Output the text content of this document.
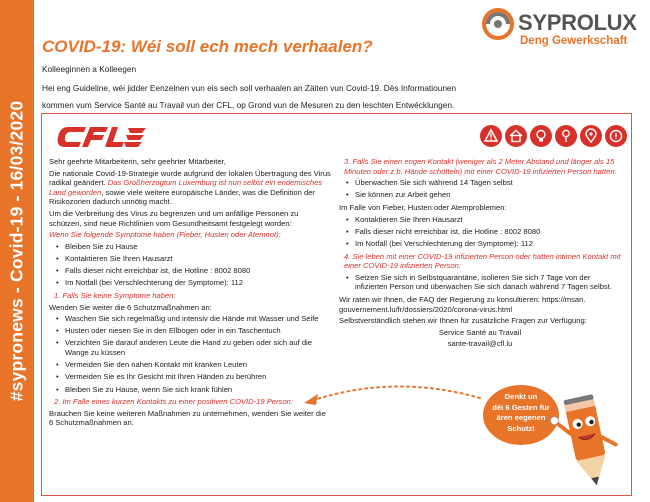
#sypronews - Covid-19 - 16/03/2020
SYPROLUX
Deng Gewerkschaft
COVID-19: Wéi soll ech mech verhaalen?
Kolleeginnen a Kolleegen
Hei eng Guideline, wéi jidder Eenzelnen vun eis sech soll verhaalen an Zäiten vun Covid-19. Dës Informatiounen
kommen vum Service Santé au Travail vun der CFL, op Grond vun de Mesuren zu den leschten Entwécklungen.

Sehr geehrte Mitarbeiterin, sehr geehrter Mitarbeiter,

Die nationale Covid-19-Strategie wurde aufgrund der lokalen Übertragung des Virus radikal geändert. Das Großherzogtum Luxemburg ist nun selbst ein endemisches Land geworden, sowie viele weitere europäische Länder, was die Definition der Risikozonen dadurch unnötig macht.

Um die Verbreitung des Virus zu begrenzen und um anfällige Personen zu schützen, sind neue Richtlinien vom Gesundheitsamt festgelegt worden:

Wenn Sie folgende Symptome haben (Fieber, Husten oder Atemnot):

• Bleiben Sie zu Hause
• Kontaktieren Sie Ihren Hausarzt
• Falls dieser nicht erreichbar ist, die Hotline : 8002 8080
• Im Notfall (bei Verschlechterung der Symptome): 112

1. Falls Sie keine Symptome haben:

Wenden Sie weiter die 6 Schutzmaßnahmen an:

• Waschen Sie sich regelmäßig und intensiv die Hände mit Wasser und Seife
• Husten oder niesen Sie in den Ellbogen oder in ein Taschentuch
• Verzichten Sie darauf anderen Leute die Hand zu geben oder sich auf die Wange zu küssen
• Vermeiden Sie den nahen Kontakt mit kranken Leuten
• Vermeiden Sie es Ihr Gesicht mit Ihren Händen zu berühren
• Bleiben Sie zu Hause, wenn Sie sich krank fühlen

2. Im Falle eines kurzen Kontakts zu einer positiven COVID-19 Person:

Brauchen Sie keine weiteren Maßnahmen zu unternehmen, wenden Sie weiter die 6 Schutzmaßnahmen an.

3. Falls Sie einen engen Kontakt (weniger als 2 Meter Abstand und länger als 15 Minuten oder z.b. Hände schütteln) mit einer COVID-19 infizierten Person hatten:

• Überwachen Sie sich während 14 Tagen selbst
• Sie können zur Arbeit gehen

Im Falle von Fieber, Husten oder Atemproblemen:

• Kontaktieren Sie Ihren Hausarzt
• Falls dieser nicht erreichbar ist, die Hotline : 8002 8080
• Im Notfall (bei Verschlechterung der Symptome): 112

4. Sie leben mit einer COVID-19 infizierten Person oder hatten intimen Kontakt mit einer COVID-19 infizierten Person:

• Setzen Sie sich in Selbstquarantäne, isolieren Sie sich 7 Tage von der infizierten Person und überwachen Sie sich danach während 7 Tagen selbst.

Wir raten wir Ihnen, die FAQ der Regierung zu konsultieren: https://msan. gouvernement.lu/fr/dossiers/2020/corona-virus.html

Selbstverständlich stehen wir Ihnen für zusätzliche Fragen zur Verfügung:

Service Santé au Travail

sante-travail@cfl.lu

Denkt un
déi 6 Gesten für
ären eegenen
Schutz!
